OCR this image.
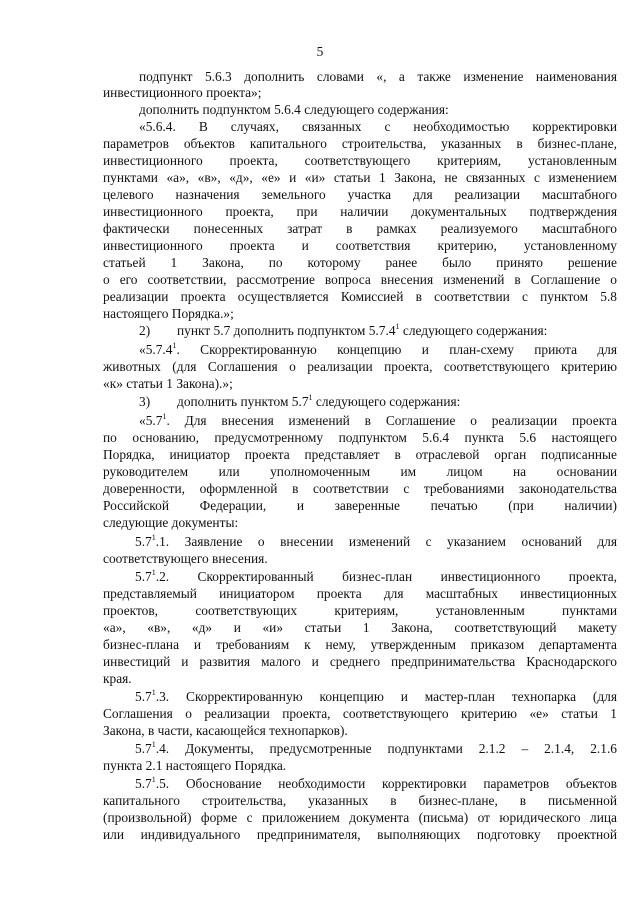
5
подпункт 5.6.3 дополнить словами «, а также изменение наименования
инвестиционного проекта»;
дополнить подпунктом 5.6.4 следующего содержания:
«5.6.4. В случаях, связанных с необходимостью корректировки
параметров объектов капитального строительства, указанных в бизнес-плане,
инвестиционного проекта, соответствующего критериям, установленным
пунктами «а», «в», «д», «е» и «и» статьи 1 Закона, не связанных с изменением
целевого назначения земельного участка для реализации масштабного
инвестиционного проекта, при наличии документальных подтверждения
фактически понесенных затрат в рамках реализуемого масштабного
инвестиционного проекта и соответствия критерию, установленному
статьей 1 Закона, по которому ранее было принято решение
о его соответствии, рассмотрение вопроса внесения изменений в Соглашение о
реализации проекта осуществляется Комиссией в соответствии с пунктом 5.8
настоящего Порядка.»;
2)	пункт 5.7 дополнить подпунктом 5.7.4$^1$ следующего содержания:
«5.7.4$^1$. Скорректированную концепцию и план-схему приюта для
животных (для Соглашения о реализации проекта, соответствующего критерию
«к» статьи 1 Закона).»;
3)	дополнить пунктом $5.7^1$ следующего содержания:
«$5.7^1$. Для внесения изменений в Соглашение о реализации проекта
по основанию, предусмотренному подпунктом 5.6.4 пункта 5.6 настоящего
Порядка, инициатор проекта представляет в отраслевой орган подписанные
руководителем или уполномоченным им лицом на основании
доверенности, оформленной в соответствии с требованиями законодательства
Российской Федерации, и заверенные печатью (при наличии)
следующие документы:
$5.7^1.1$. Заявление о внесении изменений с указанием оснований для
соответствующего внесения.
$5.7^1.2$. Скорректированный бизнес-план инвестиционного проекта,
представляемый инициатором проекта для масштабных инвестиционных
проектов, соответствующих критериям, установленным пунктами
«а», «в», «д» и «и» статьи 1 Закона, соответствующий макету
бизнес-плана и требованиям к нему, утвержденным приказом департамента
инвестиций и развития малого и среднего предпринимательства Краснодарского
края.
$5.7^1.3$. Скорректированную концепцию и мастер-план технопарка (для
Соглашения о реализации проекта, соответствующего критерию «е» статьи 1
Закона, в части, касающейся технопарков).
$5.7^1.4$. Документы, предусмотренные подпунктами 2.1.2 – 2.1.4, 2.1.6
пункта 2.1 настоящего Порядка.
$5.7^1.5$. Обоснование необходимости корректировки параметров объектов
капитального строительства, указанных в бизнес-плане, в письменной
(произвольной) форме с приложением документа (письма) от юридического лица
или индивидуального предпринимателя, выполняющих подготовку проектной
